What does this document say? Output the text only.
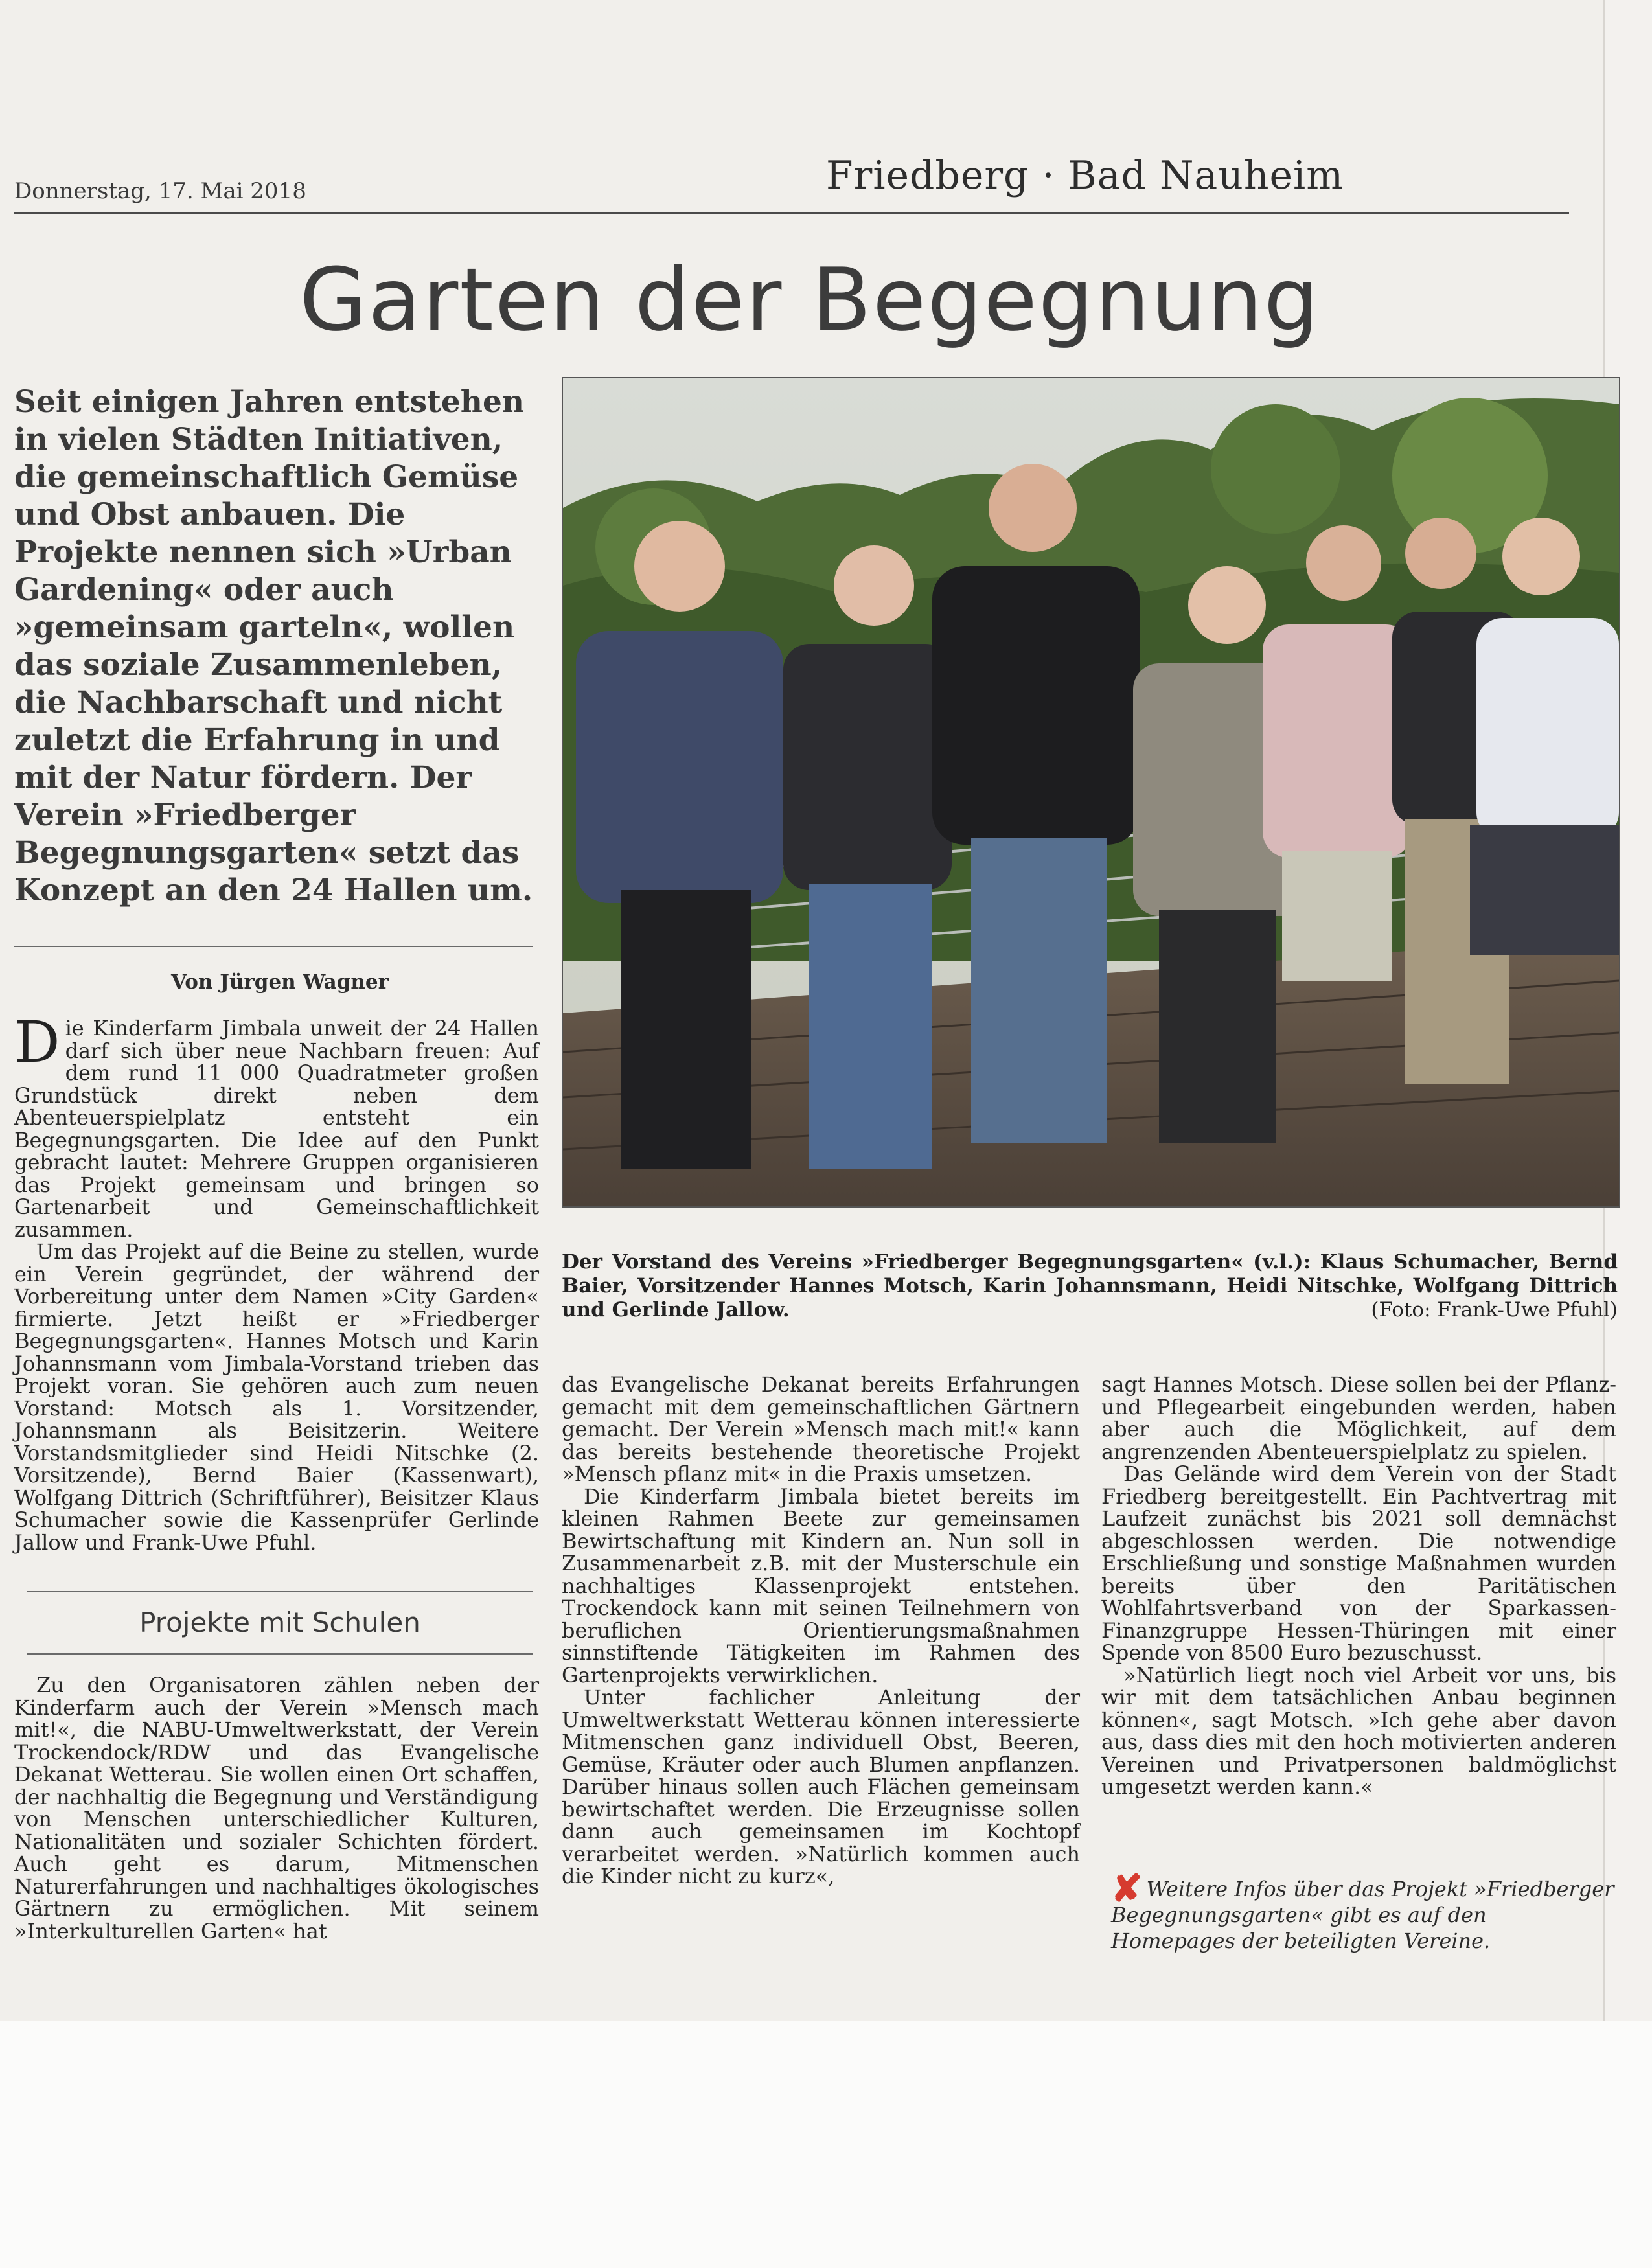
Donnerstag, 17. Mai 2018	Friedberg · Bad Nauheim
Garten der Begegnung
Seit einigen Jahren entstehen in vielen Städten Initiativen, die gemeinschaftlich Gemüse und Obst anbauen. Die Projekte nennen sich »Urban Gardening« oder auch »gemeinsam garteln«, wollen das soziale Zusammenleben, die Nachbarschaft und nicht zuletzt die Erfahrung in und mit der Natur fördern. Der Verein »Friedberger Begegnungsgarten« setzt das Konzept an den 24 Hallen um.
Von Jürgen Wagner

Die Kinderfarm Jimbala unweit der 24 Hallen darf sich über neue Nachbarn freuen: Auf dem rund 11 000 Quadratmeter großen Grundstück direkt neben dem Abenteuerspielplatz entsteht ein Begegnungsgarten. Die Idee auf den Punkt gebracht lautet: Mehrere Gruppen organisieren das Projekt gemeinsam und bringen so Gartenarbeit und Gemeinschaftlichkeit zusammen.

Um das Projekt auf die Beine zu stellen, wurde ein Verein gegründet, der während der Vorbereitung unter dem Namen »City Garden« firmierte. Jetzt heißt er »Friedberger Begegnungsgarten«. Hannes Motsch und Karin Johannsmann vom Jimbala-Vorstand trieben das Projekt voran. Sie gehören auch zum neuen Vorstand: Motsch als 1. Vorsitzender, Johannsmann als Beisitzerin. Weitere Vorstandsmitglieder sind Heidi Nitschke (2. Vorsitzende), Bernd Baier (Kassenwart), Wolfgang Dittrich (Schriftführer), Beisitzer Klaus Schumacher sowie die Kassenprüfer Gerlinde Jallow und Frank-Uwe Pfuhl.

Projekte mit Schulen

Zu den Organisatoren zählen neben der Kinderfarm auch der Verein »Mensch mach mit!«, die NABU-Umweltwerkstatt, der Verein Trockendock/RDW und das Evangelische Dekanat Wetterau. Sie wollen einen Ort schaffen, der nachhaltig die Begegnung und Verständigung von Menschen unterschiedlicher Kulturen, Nationalitäten und sozialer Schichten fördert. Auch geht es darum, Mitmenschen Naturerfahrungen und nachhaltiges ökologisches Gärtnern zu ermöglichen. Mit seinem »Interkulturellen Garten« hat

Der Vorstand des Vereins »Friedberger Begegnungsgarten« (v.l.): Klaus Schumacher, Bernd Baier, Vorsitzender Hannes Motsch, Karin Johannsmann, Heidi Nitschke, Wolfgang Dittrich und Gerlinde Jallow.	(Foto: Frank-Uwe Pfuhl)

das Evangelische Dekanat bereits Erfahrungen gemacht mit dem gemeinschaftlichen Gärtnern gemacht. Der Verein »Mensch mach mit!« kann das bereits bestehende theoretische Projekt »Mensch pflanz mit« in die Praxis umsetzen.

Die Kinderfarm Jimbala bietet bereits im kleinen Rahmen Beete zur gemeinsamen Bewirtschaftung mit Kindern an. Nun soll in Zusammenarbeit z.B. mit der Musterschule ein nachhaltiges Klassenprojekt entstehen. Trockendock kann mit seinen Teilnehmern von beruflichen Orientierungsmaßnahmen sinnstiftende Tätigkeiten im Rahmen des Gartenprojekts verwirklichen.

Unter fachlicher Anleitung der Umweltwerkstatt Wetterau können interessierte Mitmenschen ganz individuell Obst, Beeren, Gemüse, Kräuter oder auch Blumen anpflanzen. Darüber hinaus sollen auch Flächen gemeinsam bewirtschaftet werden. Die Erzeugnisse sollen dann auch gemeinsamen im Kochtopf verarbeitet werden. »Natürlich kommen auch die Kinder nicht zu kurz«,

sagt Hannes Motsch. Diese sollen bei der Pflanz- und Pflegearbeit eingebunden werden, haben aber auch die Möglichkeit, auf dem angrenzenden Abenteuerspielplatz zu spielen.

Das Gelände wird dem Verein von der Stadt Friedberg bereitgestellt. Ein Pachtvertrag mit Laufzeit zunächst bis 2021 soll demnächst abgeschlossen werden. Die notwendige Erschließung und sonstige Maßnahmen wurden bereits über den Paritätischen Wohlfahrtsverband von der Sparkassen-Finanzgruppe Hessen-Thüringen mit einer Spende von 8500 Euro bezuschusst.

»Natürlich liegt noch viel Arbeit vor uns, bis wir mit dem tatsächlichen Anbau beginnen können«, sagt Motsch. »Ich gehe aber davon aus, dass dies mit den hoch motivierten anderen Vereinen und Privatpersonen baldmöglichst umgesetzt werden kann.«

✘ Weitere Infos über das Projekt »Friedberger Begegnungsgarten« gibt es auf den Homepages der beteiligten Vereine.
